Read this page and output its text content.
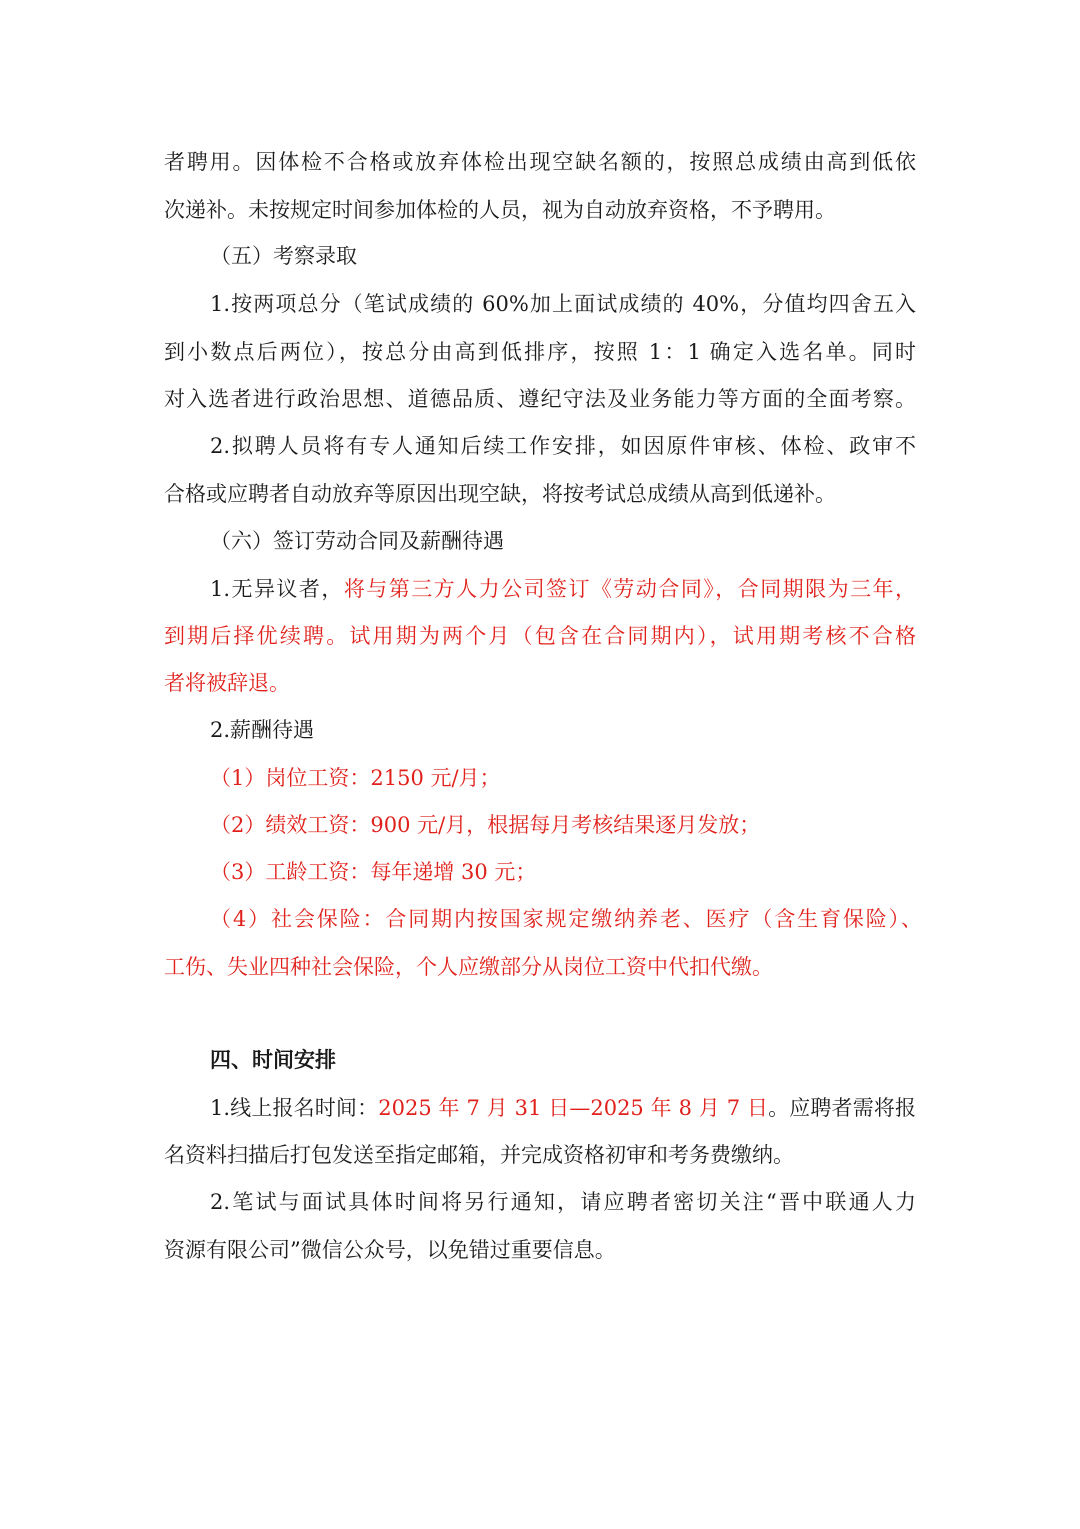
者聘用。因体检不合格或放弃体检出现空缺名额的，按照总成绩由高到低依
次递补。未按规定时间参加体检的人员，视为自动放弃资格，不予聘用。
（五）考察录取
1.按两项总分（笔试成绩的 60%加上面试成绩的 40%，分值均四舍五入
到小数点后两位），按总分由高到低排序，按照 1：1 确定入选名单。同时
对入选者进行政治思想、道德品质、遵纪守法及业务能力等方面的全面考察。
2.拟聘人员将有专人通知后续工作安排，如因原件审核、体检、政审不
合格或应聘者自动放弃等原因出现空缺，将按考试总成绩从高到低递补。
（六）签订劳动合同及薪酬待遇
1.无异议者，将与第三方人力公司签订《劳动合同》，合同期限为三年，
到期后择优续聘。试用期为两个月（包含在合同期内），试用期考核不合格
者将被辞退。
2.薪酬待遇
（1）岗位工资：2150 元/月；
（2）绩效工资：900 元/月，根据每月考核结果逐月发放；
（3）工龄工资：每年递增 30 元；
（4）社会保险：合同期内按国家规定缴纳养老、医疗（含生育保险）、
工伤、失业四种社会保险，个人应缴部分从岗位工资中代扣代缴。
四、时间安排
1.线上报名时间：2025 年 7 月 31 日—2025 年 8 月 7 日。应聘者需将报
名资料扫描后打包发送至指定邮箱，并完成资格初审和考务费缴纳。
2.笔试与面试具体时间将另行通知，请应聘者密切关注“晋中联通人力
资源有限公司”微信公众号，以免错过重要信息。
